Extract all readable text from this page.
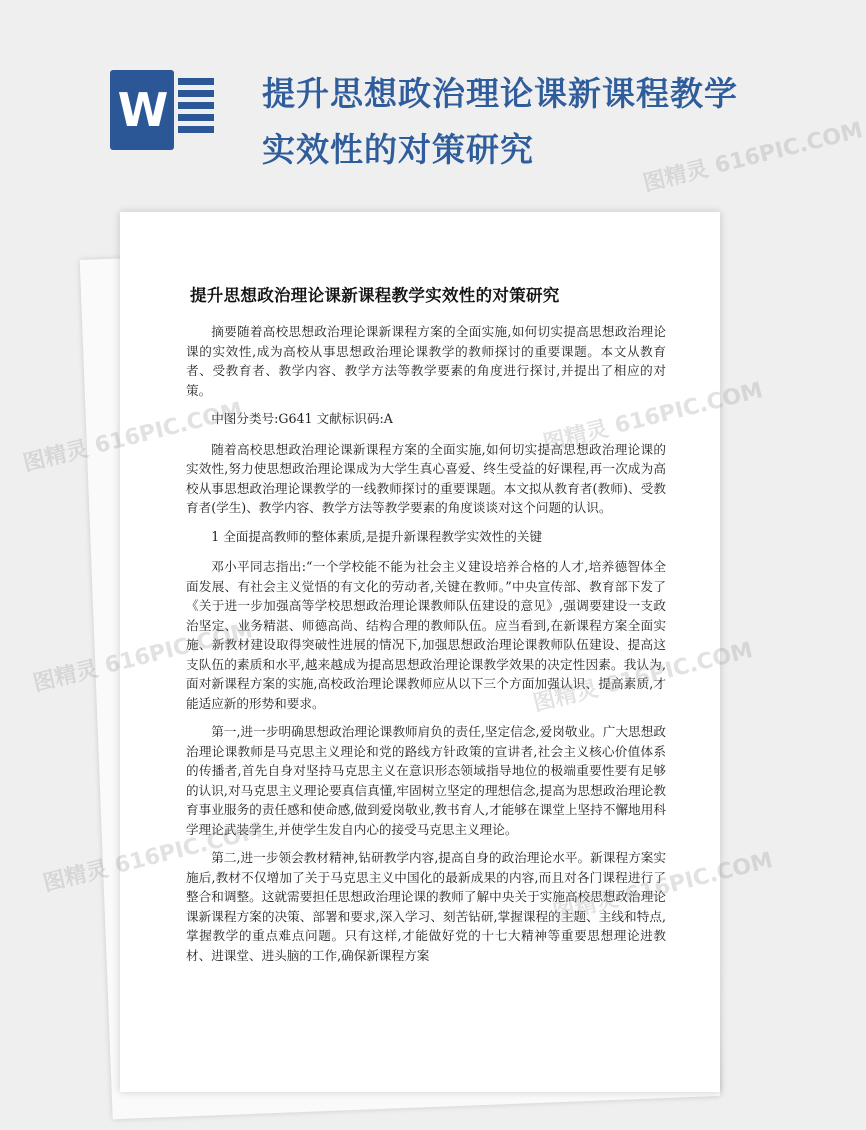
W	提升思想政治理论课新课程教学实效性的对策研究
提升思想政治理论课新课程教学实效性的对策研究

摘要随着高校思想政治理论课新课程方案的全面实施,如何切实提高思想政治理论课的实效性,成为高校从事思想政治理论课教学的教师探讨的重要课题。本文从教育者、受教育者、教学内容、教学方法等教学要素的角度进行探讨,并提出了相应的对策。

中图分类号:G641 文献标识码:A

随着高校思想政治理论课新课程方案的全面实施,如何切实提高思想政治理论课的实效性,努力使思想政治理论课成为大学生真心喜爱、终生受益的好课程,再一次成为高校从事思想政治理论课教学的一线教师探讨的重要课题。本文拟从教育者(教师)、受教育者(学生)、教学内容、教学方法等教学要素的角度谈谈对这个问题的认识。

1 全面提高教师的整体素质,是提升新课程教学实效性的关键

邓小平同志指出:“一个学校能不能为社会主义建设培养合格的人才,培养德智体全面发展、有社会主义觉悟的有文化的劳动者,关键在教师。”中央宣传部、教育部下发了《关于进一步加强高等学校思想政治理论课教师队伍建设的意见》,强调要建设一支政治坚定、业务精湛、师德高尚、结构合理的教师队伍。应当看到,在新课程方案全面实施、新教材建设取得突破性进展的情况下,加强思想政治理论课教师队伍建设、提高这支队伍的素质和水平,越来越成为提高思想政治理论课教学效果的决定性因素。我认为,面对新课程方案的实施,高校政治理论课教师应从以下三个方面加强认识、提高素质,才能适应新的形势和要求。

第一,进一步明确思想政治理论课教师肩负的责任,坚定信念,爱岗敬业。广大思想政治理论课教师是马克思主义理论和党的路线方针政策的宣讲者,社会主义核心价值体系的传播者,首先自身对坚持马克思主义在意识形态领域指导地位的极端重要性要有足够的认识,对马克思主义理论要真信真懂,牢固树立坚定的理想信念,提高为思想政治理论教育事业服务的责任感和使命感,做到爱岗敬业,教书育人,才能够在课堂上坚持不懈地用科学理论武装学生,并使学生发自内心的接受马克思主义理论。

第二,进一步领会教材精神,钻研教学内容,提高自身的政治理论水平。新课程方案实施后,教材不仅增加了关于马克思主义中国化的最新成果的内容,而且对各门课程进行了整合和调整。这就需要担任思想政治理论课的教师了解中央关于实施高校思想政治理论课新课程方案的决策、部署和要求,深入学习、刻苦钻研,掌握课程的主题、主线和特点,掌握教学的重点难点问题。只有这样,才能做好党的十七大精神等重要思想理论进教材、进课堂、进头脑的工作,确保新课程方案

图精灵 616PIC.COM
图精灵 616PIC.COM
图精灵 616PIC.COM
图精灵 616PIC.COM
图精灵 616PIC.COM
图精灵 616PIC.COM
图精灵 616PIC.COM
